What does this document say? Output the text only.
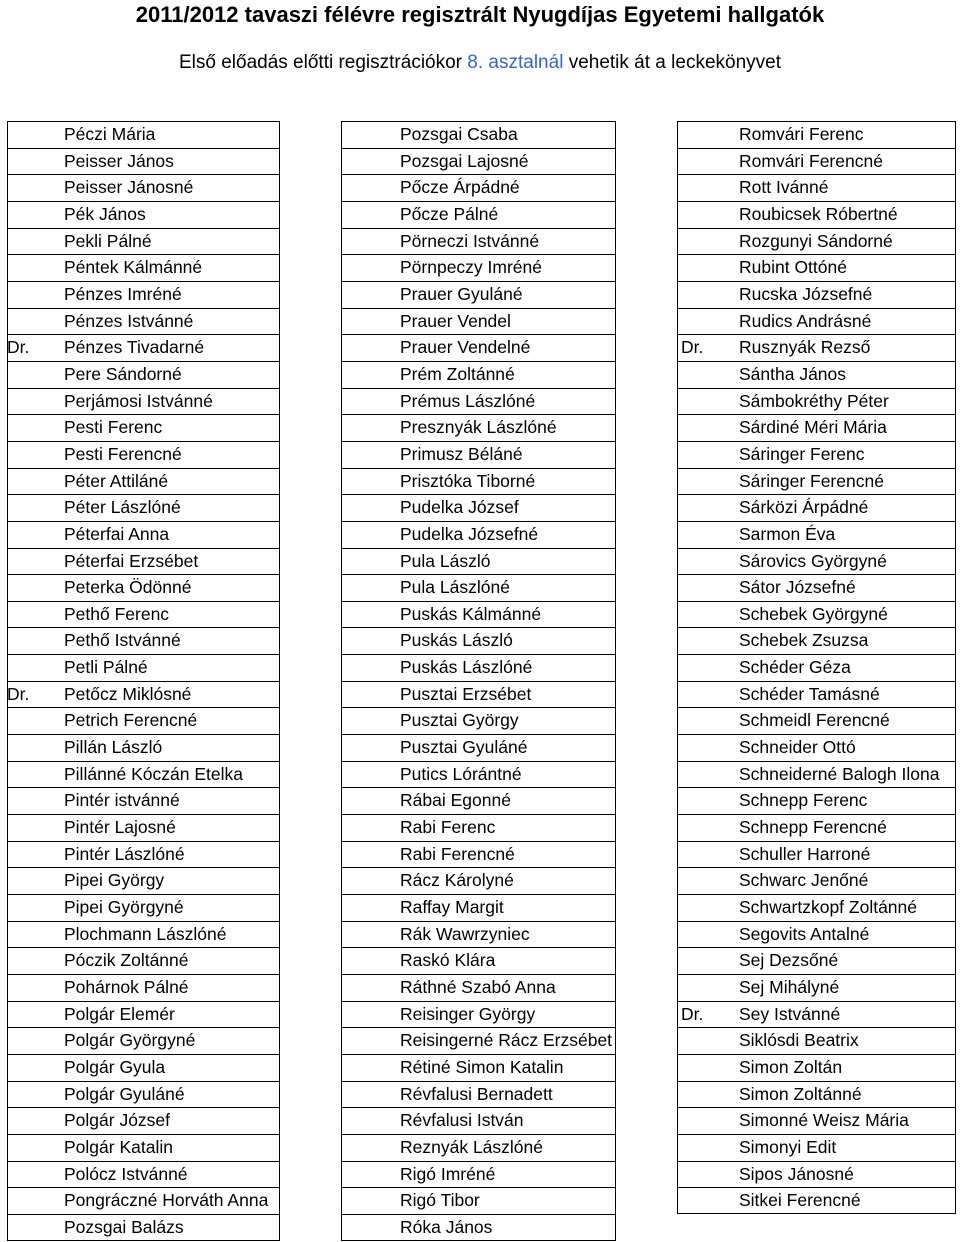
2011/2012 tavaszi félévre regisztrált Nyugdíjas Egyetemi hallgatók
Első előadás előtti regisztrációkor 8. asztalnál vehetik át a leckekönyvet
Péczi Mária
Peisser János
Peisser Jánosné
Pék János
Pekli Pálné
Péntek Kálmánné
Pénzes Imréné
Pénzes Istvánné
Dr. Pénzes Tivadarné
Pere Sándorné
Perjámosi Istvánné
Pesti Ferenc
Pesti Ferencné
Péter Attiláné
Péter Lászlóné
Péterfai Anna
Péterfai Erzsébet
Peterka Ödönné
Pethő Ferenc
Pethő Istvánné
Petli Pálné
Dr. Petőcz Miklósné
Petrich Ferencné
Pillán László
Pillánné Kóczán Etelka
Pintér istvánné
Pintér Lajosné
Pintér Lászlóné
Pipei György
Pipei Györgyné
Plochmann Lászlóné
Póczik Zoltánné
Pohárnok Pálné
Polgár Elemér
Polgár Györgyné
Polgár Gyula
Polgár Gyuláné
Polgár József
Polgár Katalin
Polócz Istvánné
Pongráczné Horváth Anna
Pozsgai Balázs
Pozsgai Csaba
Pozsgai Lajosné
Pőcze Árpádné
Pőcze Pálné
Pörneczi Istvánné
Pörnpeczy Imréné
Prauer Gyuláné
Prauer Vendel
Prauer Vendelné
Prém Zoltánné
Prémus Lászlóné
Presznyák Lászlóné
Primusz Béláné
Prisztóka Tiborné
Pudelka József
Pudelka Józsefné
Pula László
Pula Lászlóné
Puskás Kálmánné
Puskás László
Puskás Lászlóné
Pusztai Erzsébet
Pusztai György
Pusztai Gyuláné
Putics Lórántné
Rábai Egonné
Rabi Ferenc
Rabi Ferencné
Rácz Károlyné
Raffay Margit
Rák Wawrzyniec
Raskó Klára
Ráthné Szabó Anna
Reisinger György
Reisingerné Rácz Erzsébet
Rétiné Simon Katalin
Révfalusi Bernadett
Révfalusi István
Reznyák Lászlóné
Rigó Imréné
Rigó Tibor
Róka János
Romvári Ferenc
Romvári Ferencné
Rott Ivánné
Roubicsek Róbertné
Rozgunyi Sándorné
Rubint Ottóné
Rucska Józsefné
Rudics Andrásné
Dr. Rusznyák Rezső
Sántha János
Sámbokréthy Péter
Sárdiné Méri Mária
Sáringer Ferenc
Sáringer Ferencné
Sárközi Árpádné
Sarmon Éva
Sárovics Györgyné
Sátor Józsefné
Schebek Györgyné
Schebek Zsuzsa
Schéder Géza
Schéder Tamásné
Schmeidl Ferencné
Schneider Ottó
Schneiderné Balogh Ilona
Schnepp Ferenc
Schnepp Ferencné
Schuller Harroné
Schwarc Jenőné
Schwartzkopf Zoltánné
Segovits Antalné
Sej Dezsőné
Sej Mihályné
Dr. Sey Istvánné
Siklósdi Beatrix
Simon Zoltán
Simon Zoltánné
Simonné Weisz Mária
Simonyi Edit
Sipos Jánosné
Sitkei Ferencné
